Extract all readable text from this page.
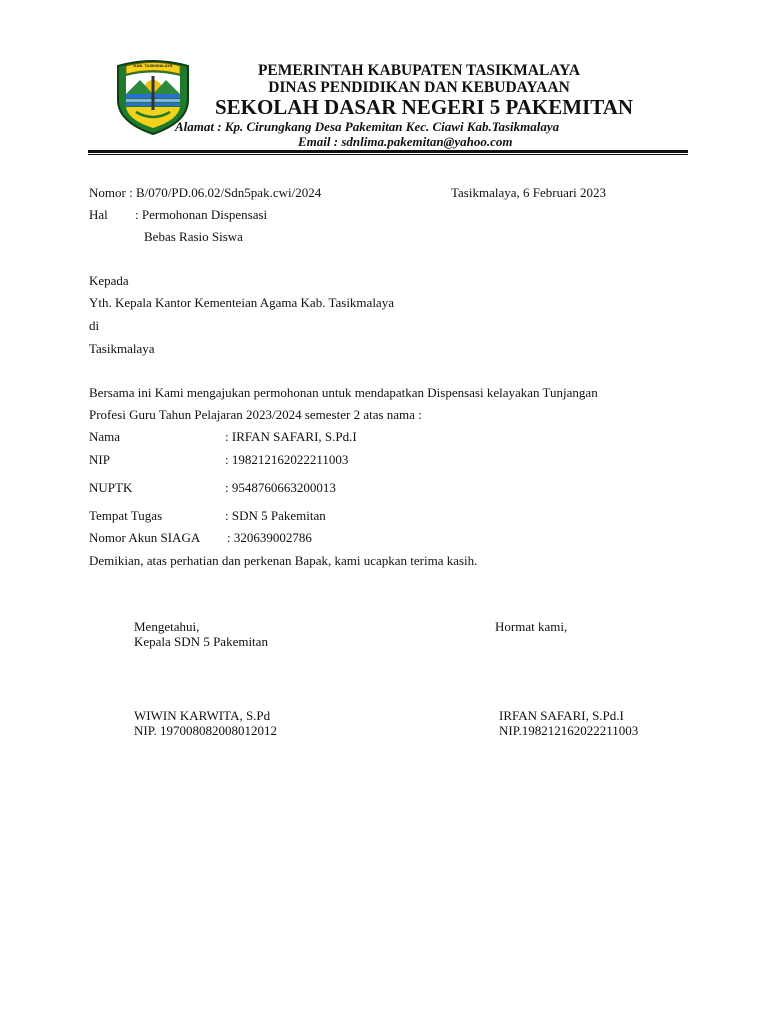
KAB. TASIKMALAYA	PEMERINTAH KABUPATEN TASIKMALAYA
DINAS PENDIDIKAN DAN KEBUDAYAAN
SEKOLAH DASAR NEGERI 5 PAKEMITAN
Alamat : Kp. Cirungkang Desa Pakemitan Kec. Ciawi Kab.Tasikmalaya
Email : sdnlima.pakemitan@yahoo.com
Nomor : B/070/PD.06.02/Sdn5pak.cwi/2024	Tasikmalaya, 6 Februari 2023
Hal : Permohonan Dispensasi
Bebas Rasio Siswa
Kepada
Yth. Kepala Kantor Kementeian Agama Kab. Tasikmalaya
di
Tasikmalaya
Bersama ini Kami mengajukan permohonan untuk mendapatkan Dispensasi kelayakan Tunjangan
Profesi Guru Tahun Pelajaran 2023/2024 semester 2 atas nama :
Nama	: IRFAN SAFARI, S.Pd.I
NIP	: 198212162022211003
NUPTK	: 9548760663200013
Tempat Tugas	: SDN 5 Pakemitan
Nomor Akun SIAGA : 320639002786
Demikian, atas perhatian dan perkenan Bapak, kami ucapkan terima kasih.
Mengetahui,
Kepala SDN 5 Pakemitan
Hormat kami,
WIWIN KARWITA, S.Pd
NIP. 197008082008012012
IRFAN SAFARI, S.Pd.I
NIP.198212162022211003
